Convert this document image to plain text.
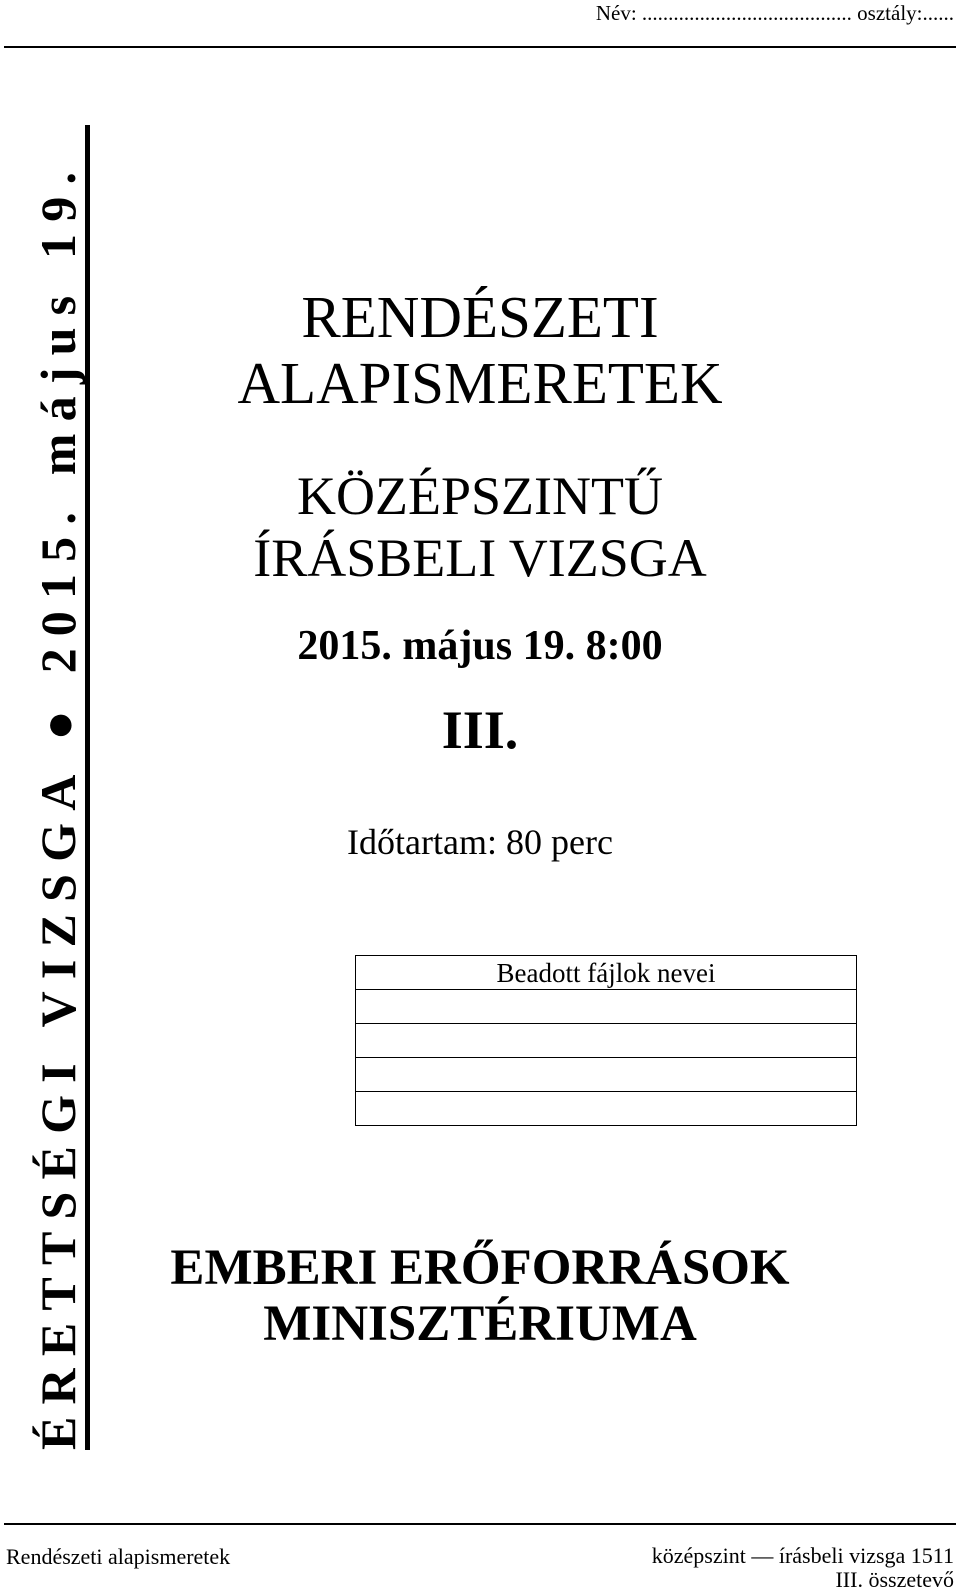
Név: ........................................ osztály:......
ÉRETTSÉGI VIZSGA ● 2015. május 19.	RENDÉSZETI
ALAPISMERETEK
KÖZÉPSZINTŰ
ÍRÁSBELI VIZSGA
2015. május 19. 8:00
III.
Időtartam: 80 perc
Beadott fájlok nevei

EMBERI ERŐFORRÁSOK
MINISZTÉRIUMA
Rendészeti alapismeretek	középszint — írásbeli vizsga 1511
III. összetevő
